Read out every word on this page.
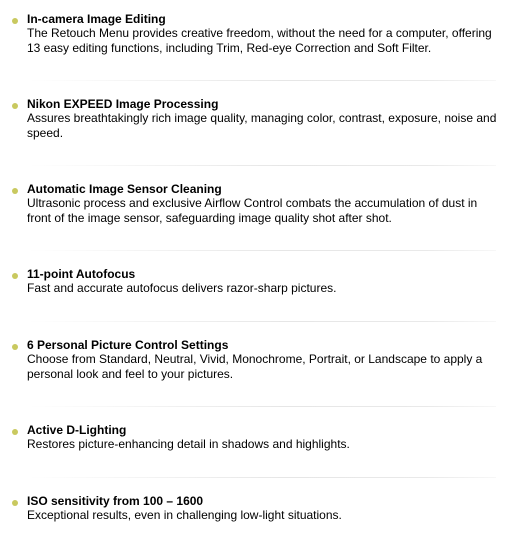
In-camera Image Editing
The Retouch Menu provides creative freedom, without the need for a computer, offering 13 easy editing functions, including Trim, Red-eye Correction and Soft Filter.
Nikon EXPEED Image Processing
Assures breathtakingly rich image quality, managing color, contrast, exposure, noise and speed.
Automatic Image Sensor Cleaning
Ultrasonic process and exclusive Airflow Control combats the accumulation of dust in front of the image sensor, safeguarding image quality shot after shot.
11-point Autofocus
Fast and accurate autofocus delivers razor-sharp pictures.
6 Personal Picture Control Settings
Choose from Standard, Neutral, Vivid, Monochrome, Portrait, or Landscape to apply a personal look and feel to your pictures.
Active D-Lighting
Restores picture-enhancing detail in shadows and highlights.
ISO sensitivity from 100 – 1600
Exceptional results, even in challenging low-light situations.
